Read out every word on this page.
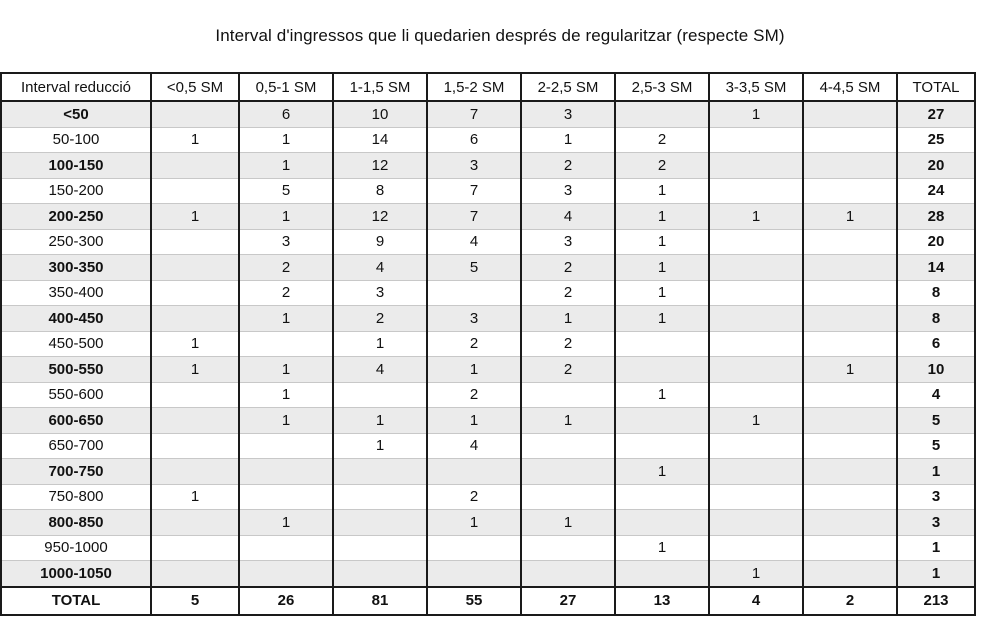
Interval d'ingressos que li quedarien després de regularitzar (respecte SM)
Interval reducció	<0,5 SM	0,5-1 SM	1-1,5 SM	1,5-2 SM	2-2,5 SM	2,5-3 SM	3-3,5 SM	4-4,5 SM	TOTAL
<50		6	10	7	3		1		27
50-100	1	1	14	6	1	2			25
100-150		1	12	3	2	2			20
150-200		5	8	7	3	1			24
200-250	1	1	12	7	4	1	1	1	28
250-300		3	9	4	3	1			20
300-350		2	4	5	2	1			14
350-400		2	3		2	1			8
400-450		1	2	3	1	1			8
450-500	1		1	2	2				6
500-550	1	1	4	1	2			1	10
550-600		1		2		1			4
600-650		1	1	1	1		1		5
650-700			1	4					5
700-750						1			1
750-800	1			2					3
800-850		1		1	1				3
950-1000						1			1
1000-1050							1		1
TOTAL	5	26	81	55	27	13	4	2	213
